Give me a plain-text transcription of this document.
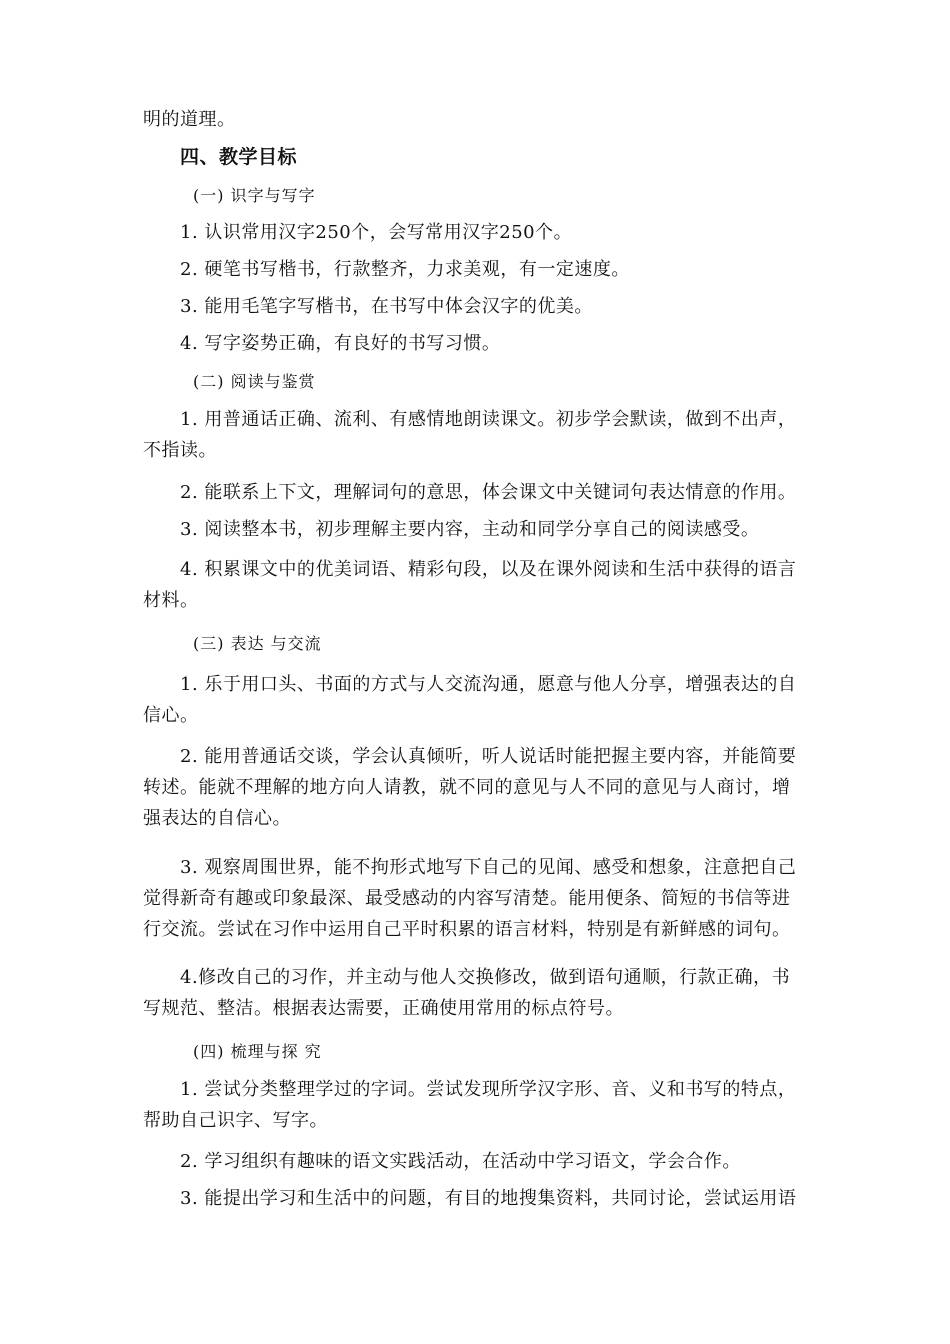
明的道理。
四、教学目标
(一) 识字与写字
1. 认识常用汉字250个，会写常用汉字250个。
2. 硬笔书写楷书，行款整齐，力求美观，有一定速度。
3. 能用毛笔字写楷书，在书写中体会汉字的优美。
4. 写字姿势正确，有良好的书写习惯。
(二) 阅读与鉴赏
1. 用普通话正确、流利、有感情地朗读课文。初步学会默读，做到不出声，
不指读。
2. 能联系上下文，理解词句的意思，体会课文中关键词句表达情意的作用。
3. 阅读整本书，初步理解主要内容，主动和同学分享自己的阅读感受。
4. 积累课文中的优美词语、精彩句段，以及在课外阅读和生活中获得的语言
材料。
(三) 表达 与交流
1. 乐于用口头、书面的方式与人交流沟通，愿意与他人分享，增强表达的自
信心。
2. 能用普通话交谈，学会认真倾听，听人说话时能把握主要内容，并能简要
转述。能就不理解的地方向人请教，就不同的意见与人不同的意见与人商讨，增
强表达的自信心。
3. 观察周围世界，能不拘形式地写下自己的见闻、感受和想象，注意把自己
觉得新奇有趣或印象最深、最受感动的内容写清楚。能用便条、简短的书信等进
行交流。尝试在习作中运用自己平时积累的语言材料，特别是有新鲜感的词句。
4.修改自己的习作，并主动与他人交换修改，做到语句通顺，行款正确，书
写规范、整洁。根据表达需要，正确使用常用的标点符号。
(四) 梳理与探 究
1. 尝试分类整理学过的字词。尝试发现所学汉字形、音、义和书写的特点，
帮助自己识字、写字。
2. 学习组织有趣味的语文实践活动，在活动中学习语文，学会合作。
3. 能提出学习和生活中的问题，有目的地搜集资料，共同讨论，尝试运用语
